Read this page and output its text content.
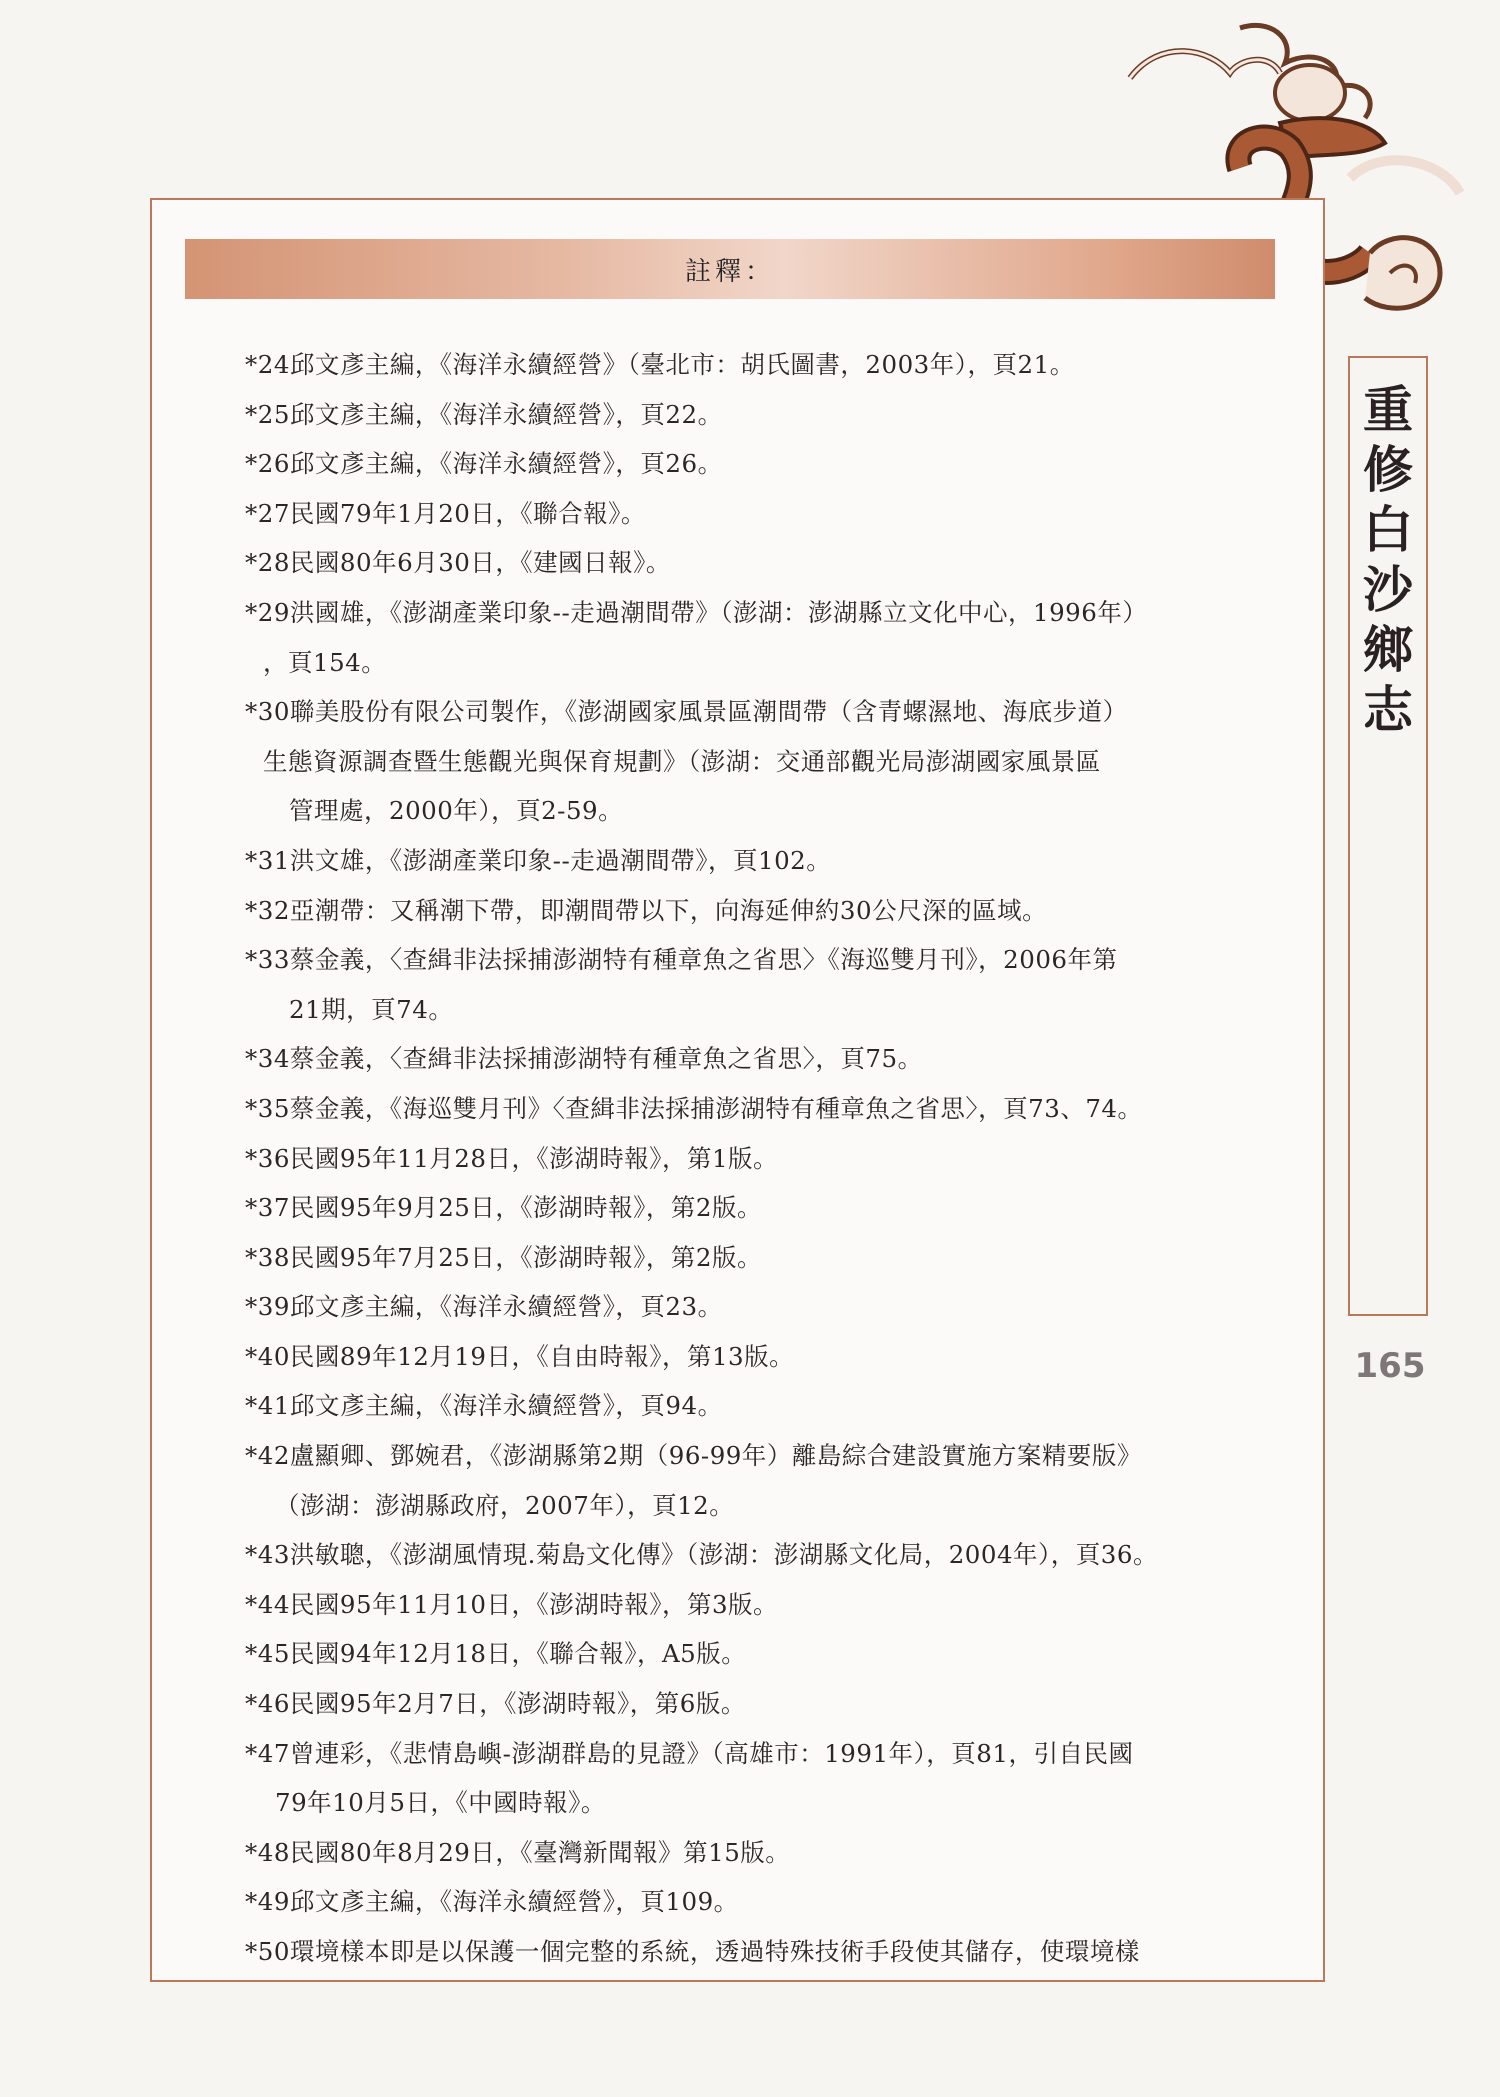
註釋：
*24邱文彥主編，《海洋永續經營》（臺北市：胡氏圖書，2003年），頁21。
*25邱文彥主編，《海洋永續經營》，頁22。
*26邱文彥主編，《海洋永續經營》，頁26。
*27民國79年1月20日，《聯合報》。
*28民國80年6月30日，《建國日報》。
*29洪國雄，《澎湖產業印象--走過潮間帶》（澎湖：澎湖縣立文化中心，1996年）
，頁154。
*30聯美股份有限公司製作，《澎湖國家風景區潮間帶（含青螺濕地、海底步道）
生態資源調查暨生態觀光與保育規劃》（澎湖：交通部觀光局澎湖國家風景區
管理處，2000年），頁2-59。
*31洪文雄，《澎湖產業印象--走過潮間帶》，頁102。
*32亞潮帶：又稱潮下帶，即潮間帶以下，向海延伸約30公尺深的區域。
*33蔡金義，〈查緝非法採捕澎湖特有種章魚之省思〉《海巡雙月刊》，2006年第
21期，頁74。
*34蔡金義，〈查緝非法採捕澎湖特有種章魚之省思〉，頁75。
*35蔡金義，《海巡雙月刊》〈查緝非法採捕澎湖特有種章魚之省思〉，頁73、74。
*36民國95年11月28日，《澎湖時報》，第1版。
*37民國95年9月25日，《澎湖時報》，第2版。
*38民國95年7月25日，《澎湖時報》，第2版。
*39邱文彥主編，《海洋永續經營》，頁23。
*40民國89年12月19日，《自由時報》，第13版。
*41邱文彥主編，《海洋永續經營》，頁94。
*42盧顯卿、鄧婉君，《澎湖縣第2期（96-99年）離島綜合建設實施方案精要版》
（澎湖：澎湖縣政府，2007年），頁12。
*43洪敏聰，《澎湖風情現.菊島文化傳》（澎湖：澎湖縣文化局，2004年），頁36。
*44民國95年11月10日，《澎湖時報》，第3版。
*45民國94年12月18日，《聯合報》，A5版。
*46民國95年2月7日，《澎湖時報》，第6版。
*47曾連彩，《悲情島嶼-澎湖群島的見證》（高雄市：1991年），頁81，引自民國
79年10月5日，《中國時報》。
*48民國80年8月29日，《臺灣新聞報》第15版。
*49邱文彥主編，《海洋永續經營》，頁109。
*50環境樣本即是以保護一個完整的系統，透過特殊技術手段使其儲存，使環境樣
重
修
白
沙
鄉
志
165
